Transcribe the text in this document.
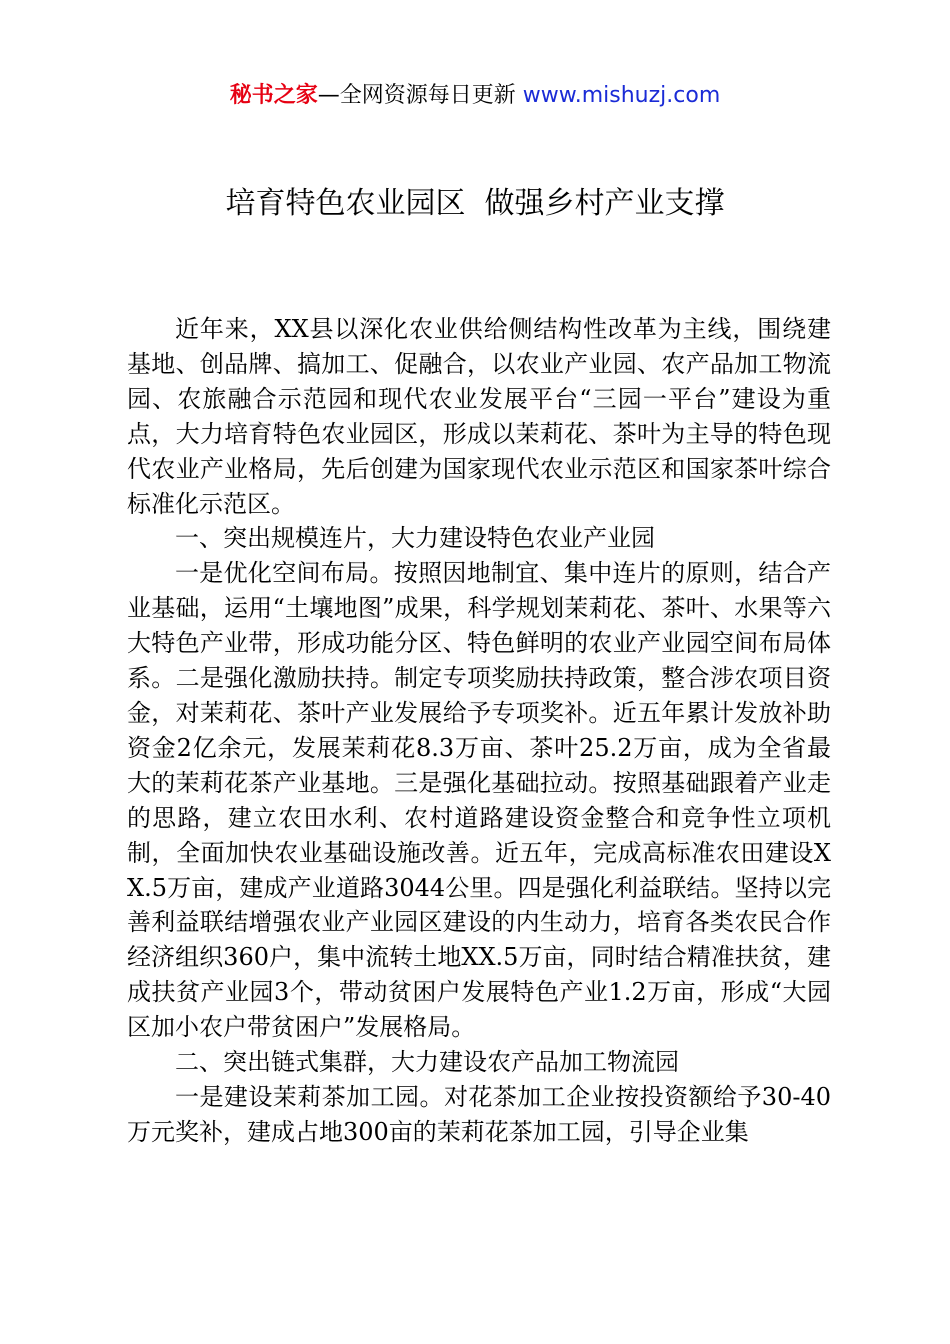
秘书之家—全网资源每日更新 www.mishuzj.com
培育特色农业园区  做强乡村产业支撑

近年来，XX县以深化农业供给侧结构性改革为主线，围绕建基地、创品牌、搞加工、促融合，以农业产业园、农产品加工物流园、农旅融合示范园和现代农业发展平台“三园一平台”建设为重点，大力培育特色农业园区，形成以茉莉花、茶叶为主导的特色现代农业产业格局，先后创建为国家现代农业示范区和国家茶叶综合标准化示范区。

一、突出规模连片，大力建设特色农业产业园

一是优化空间布局。按照因地制宜、集中连片的原则，结合产业基础，运用“土壤地图”成果，科学规划茉莉花、茶叶、水果等六大特色产业带，形成功能分区、特色鲜明的农业产业园空间布局体系。二是强化激励扶持。制定专项奖励扶持政策，整合涉农项目资金，对茉莉花、茶叶产业发展给予专项奖补。近五年累计发放补助资金2亿余元，发展茉莉花8.3万亩、茶叶25.2万亩，成为全省最大的茉莉花茶产业基地。三是强化基础拉动。按照基础跟着产业走的思路，建立农田水利、农村道路建设资金整合和竞争性立项机制，全面加快农业基础设施改善。近五年，完成高标准农田建设XX.5万亩，建成产业道路3044公里。四是强化利益联结。坚持以完善利益联结增强农业产业园区建设的内生动力，培育各类农民合作经济组织360户，集中流转土地XX.5万亩，同时结合精准扶贫，建成扶贫产业园3个，带动贫困户发展特色产业1.2万亩，形成“大园区加小农户带贫困户”发展格局。

二、突出链式集群，大力建设农产品加工物流园

一是建设茉莉茶加工园。对花茶加工企业按投资额给予30-40万元奖补，建成占地300亩的茉莉花茶加工园，引导企业集
